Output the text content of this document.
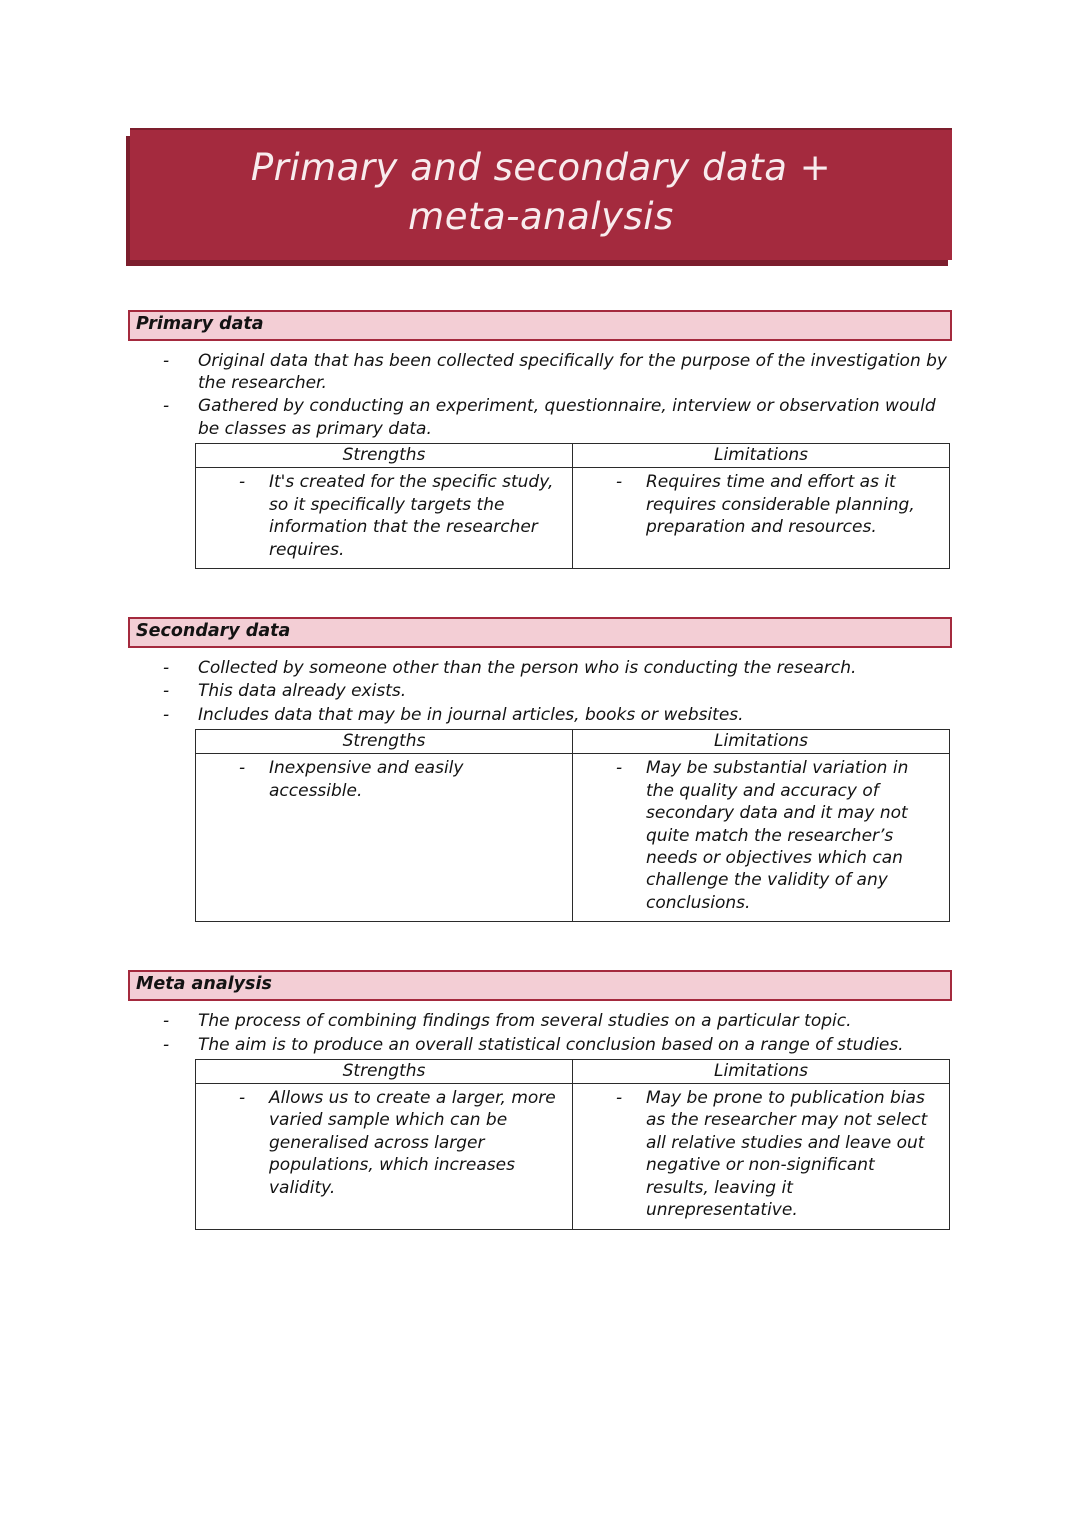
Primary and secondary data + meta-analysis
Primary data
- Original data that has been collected specifically for the purpose of the investigation by the researcher.
- Gathered by conducting an experiment, questionnaire, interview or observation would be classes as primary data.
Strengths	Limitations

- It's created for the specific study, so it specifically targets the information that the researcher requires.	- Requires time and effort as it requires considerable planning, preparation and resources.
Secondary data
- Collected by someone other than the person who is conducting the research.
- This data already exists.
- Includes data that may be in journal articles, books or websites.
Strengths	Limitations

- Inexpensive and easily accessible.	- May be substantial variation in the quality and accuracy of secondary data and it may not quite match the researcher’s needs or objectives which can challenge the validity of any conclusions.
Meta analysis
- The process of combining findings from several studies on a particular topic.
- The aim is to produce an overall statistical conclusion based on a range of studies.
Strengths	Limitations

- Allows us to create a larger, more varied sample which can be generalised across larger populations, which increases validity.	- May be prone to publication bias as the researcher may not select all relative studies and leave out negative or non-significant results, leaving it unrepresentative.
